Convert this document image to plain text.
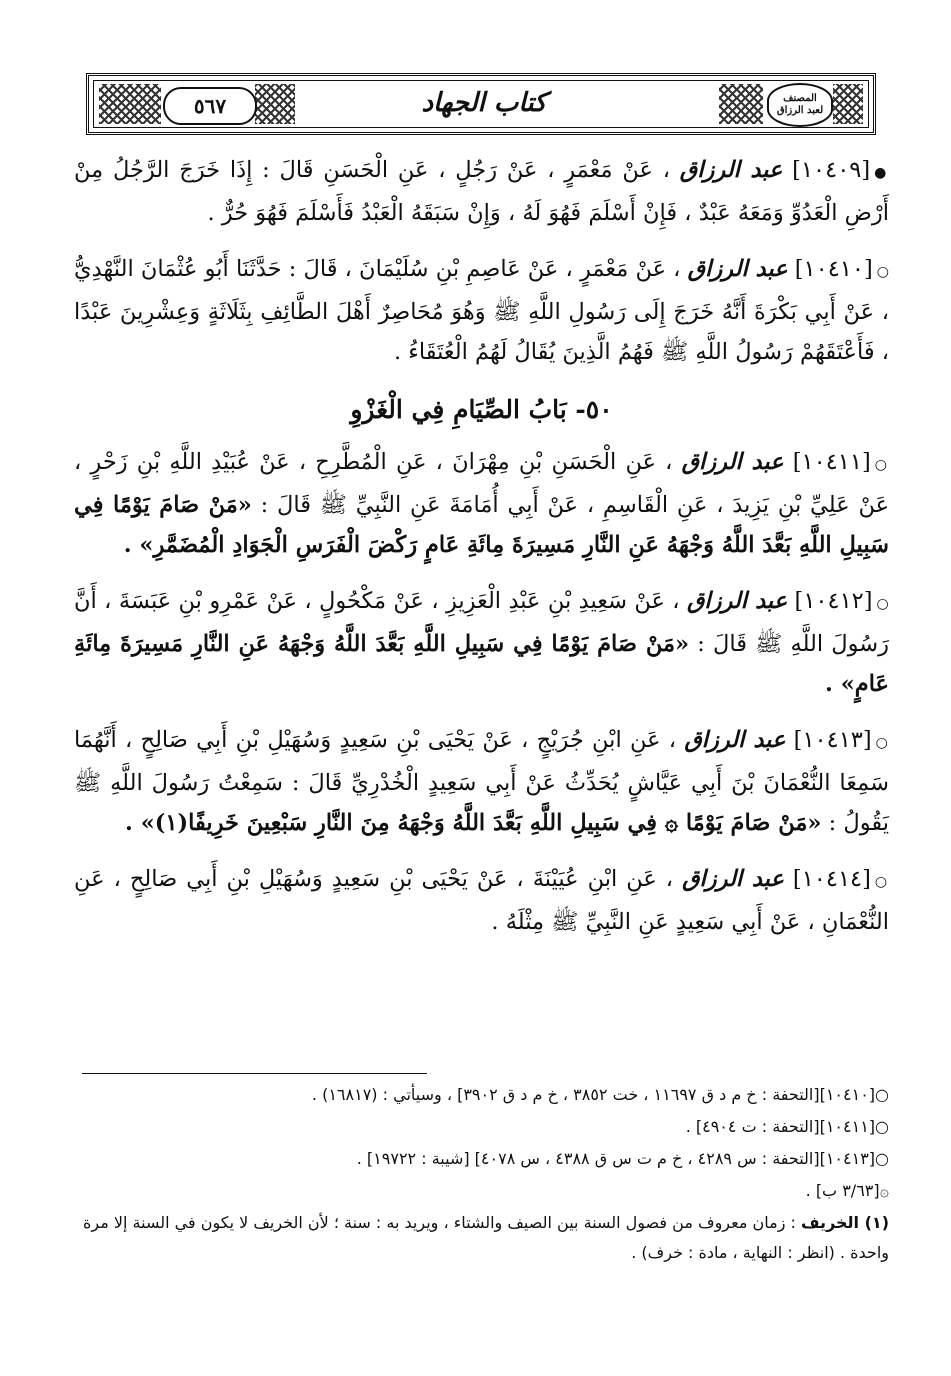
٥٦٧	كتاب الجهاد	المصنف
لعبد الرزاق

●[١٠٤٠٩] عبد الرزاق ، عَنْ مَعْمَرٍ ، عَنْ رَجُلٍ ، عَنِ الْحَسَنِ قَالَ : إِذَا خَرَجَ الرَّجُلُ مِنْ أَرْضِ الْعَدُوِّ وَمَعَهُ عَبْدٌ ، فَإِنْ أَسْلَمَ فَهُوَ لَهُ ، وَإِنْ سَبَقَهُ الْعَبْدُ فَأَسْلَمَ فَهُوَ حُرٌّ .

○[١٠٤١٠] عبد الرزاق ، عَنْ مَعْمَرٍ ، عَنْ عَاصِمِ بْنِ سُلَيْمَانَ ، قَالَ : حَدَّثَنَا أَبُو عُثْمَانَ النَّهْدِيُّ ، عَنْ أَبِي بَكْرَةَ أَنَّهُ خَرَجَ إِلَى رَسُولِ اللَّهِ ﷺ وَهُوَ مُحَاصِرٌ أَهْلَ الطَّائِفِ بِثَلَاثَةٍ وَعِشْرِينَ عَبْدًا ، فَأَعْتَقَهُمْ رَسُولُ اللَّهِ ﷺ فَهُمُ الَّذِينَ يُقَالُ لَهُمُ الْعُتَقَاءُ .

٥٠- بَابُ الصِّيَامِ فِي الْغَزْوِ

○[١٠٤١١] عبد الرزاق ، عَنِ الْحَسَنِ بْنِ مِهْرَانَ ، عَنِ الْمُطَّرِحِ ، عَنْ عُبَيْدِ اللَّهِ بْنِ زَحْرٍ ، عَنْ عَلِيِّ بْنِ يَزِيدَ ، عَنِ الْقَاسِمِ ، عَنْ أَبِي أُمَامَةَ عَنِ النَّبِيِّ ﷺ قَالَ : «مَنْ صَامَ يَوْمًا فِي سَبِيلِ اللَّهِ بَعَّدَ اللَّهُ وَجْهَهُ عَنِ النَّارِ مَسِيرَةَ مِائَةِ عَامٍ رَكْضَ الْفَرَسِ الْجَوَادِ الْمُضَمَّرِ» .

○[١٠٤١٢] عبد الرزاق ، عَنْ سَعِيدِ بْنِ عَبْدِ الْعَزِيزِ ، عَنْ مَكْحُولٍ ، عَنْ عَمْرِو بْنِ عَبَسَةَ ، أَنَّ رَسُولَ اللَّهِ ﷺ قَالَ : «مَنْ صَامَ يَوْمًا فِي سَبِيلِ اللَّهِ بَعَّدَ اللَّهُ وَجْهَهُ عَنِ النَّارِ مَسِيرَةَ مِائَةِ عَامٍ» .

○[١٠٤١٣] عبد الرزاق ، عَنِ ابْنِ جُرَيْجٍ ، عَنْ يَحْيَى بْنِ سَعِيدٍ وَسُهَيْلِ بْنِ أَبِي صَالِحٍ ، أَنَّهُمَا سَمِعَا النُّعْمَانَ بْنَ أَبِي عَيَّاشٍ يُحَدِّثُ عَنْ أَبِي سَعِيدٍ الْخُدْرِيِّ قَالَ : سَمِعْتُ رَسُولَ اللَّهِ ﷺ يَقُولُ : «مَنْ صَامَ يَوْمًا ۞ فِي سَبِيلِ اللَّهِ بَعَّدَ اللَّهُ وَجْهَهُ مِنَ النَّارِ سَبْعِينَ خَرِيفًا(١)» .

○[١٠٤١٤] عبد الرزاق ، عَنِ ابْنِ عُيَيْنَةَ ، عَنْ يَحْيَى بْنِ سَعِيدٍ وَسُهَيْلِ بْنِ أَبِي صَالِحٍ ، عَنِ النُّعْمَانِ ، عَنْ أَبِي سَعِيدٍ عَنِ النَّبِيِّ ﷺ مِثْلَهُ .

○[١٠٤١٠][التحفة : خ م د ق ١١٦٩٧ ، خت ٣٨٥٢ ، خ م د ق ٣٩٠٢] ، وسيأتي : (١٦٨١٧) .
○[١٠٤١١][التحفة : ت ٤٩٠٤] .
○[١٠٤١٣][التحفة : س ٤٢٨٩ ، خ م ت س ق ٤٣٨٨ ، س ٤٠٧٨] [شيبة : ١٩٧٢٢] .
۞[٣/٦٣ ب] .
(١) الخريف : زمان معروف من فصول السنة بين الصيف والشتاء ، ويريد به : سنة ؛ لأن الخريف لا يكون في السنة إلا مرة واحدة . (انظر : النهاية ، مادة : خرف) .
